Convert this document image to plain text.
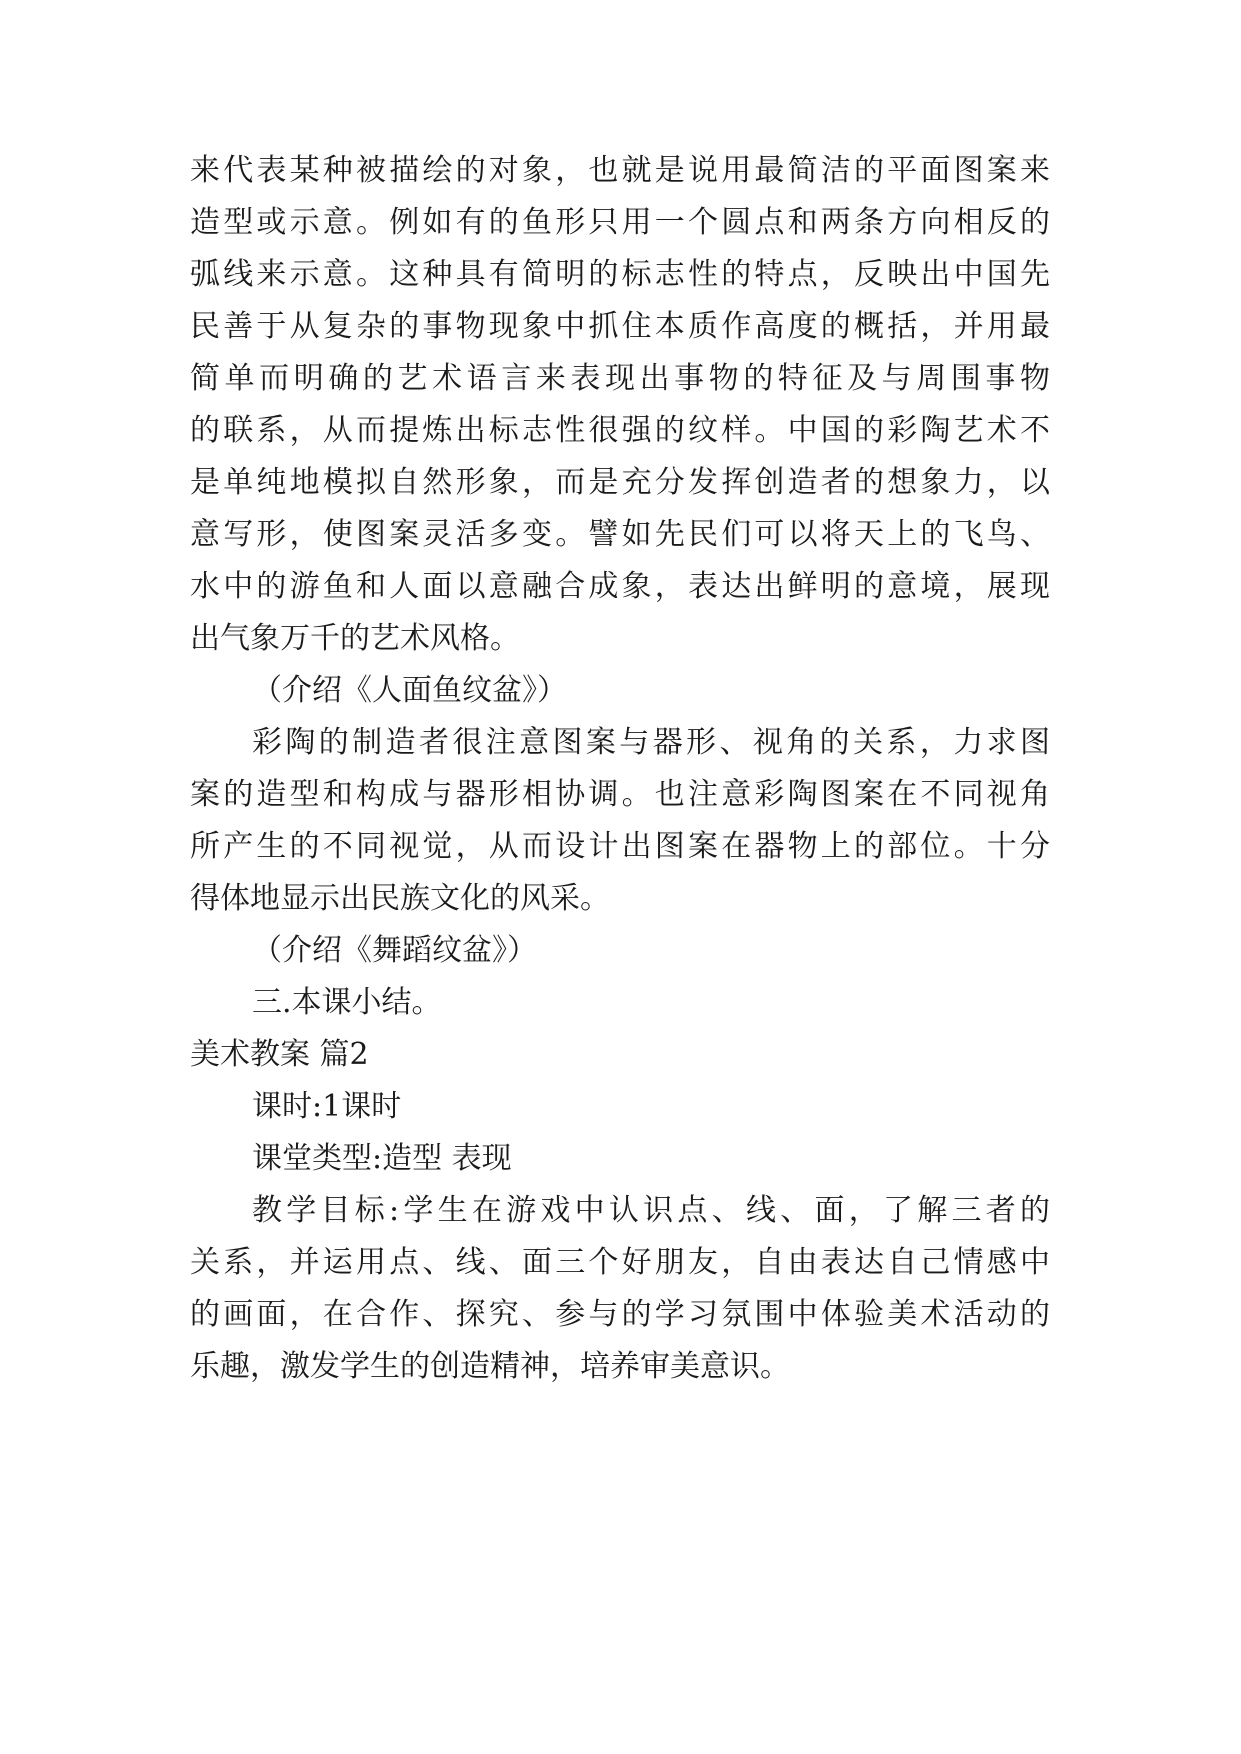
来代表某种被描绘的对象，也就是说用最简洁的平面图案来
造型或示意。例如有的鱼形只用一个圆点和两条方向相反的
弧线来示意。这种具有简明的标志性的特点，反映出中国先
民善于从复杂的事物现象中抓住本质作高度的概括，并用最
简单而明确的艺术语言来表现出事物的特征及与周围事物
的联系，从而提炼出标志性很强的纹样。中国的彩陶艺术不
是单纯地模拟自然形象，而是充分发挥创造者的想象力，以
意写形，使图案灵活多变。譬如先民们可以将天上的飞鸟、
水中的游鱼和人面以意融合成象，表达出鲜明的意境，展现
出气象万千的艺术风格。
（介绍《人面鱼纹盆》）
彩陶的制造者很注意图案与器形、视角的关系，力求图
案的造型和构成与器形相协调。也注意彩陶图案在不同视角
所产生的不同视觉，从而设计出图案在器物上的部位。十分
得体地显示出民族文化的风采。
（介绍《舞蹈纹盆》）
三.本课小结。
美术教案 篇2
课时:1课时
课堂类型:造型 表现
教学目标:学生在游戏中认识点、线、面，了解三者的
关系，并运用点、线、面三个好朋友，自由表达自己情感中
的画面，在合作、探究、参与的学习氛围中体验美术活动的
乐趣，激发学生的创造精神，培养审美意识。
